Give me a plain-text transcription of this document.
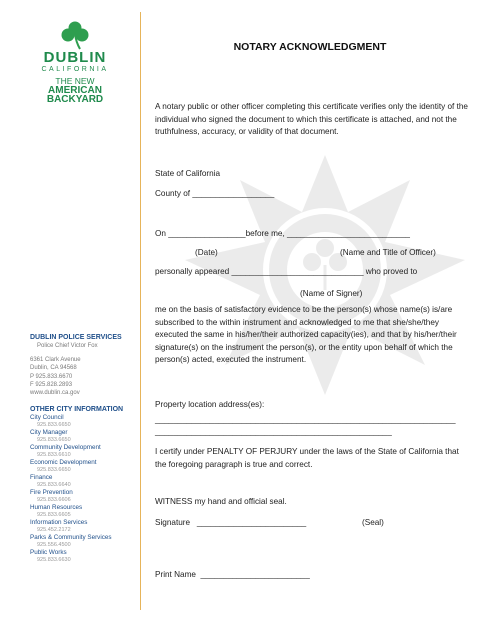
DUBLIN
CALIFORNIA
THE NEW
AMERICAN
BACKYARD
DUBLIN POLICE SERVICES
Police Chief Victor Fox
6361 Clark Avenue
Dublin, CA 94568
P 925.833.6670
F 925.828.2893
www.dublin.ca.gov
OTHER CITY INFORMATION
City Council
925.833.6650
City Manager
925.833.6650
Community Development
925.833.6610
Economic Development
925.833.6650
Finance
925.833.6640
Fire Prevention
925.833.6606
Human Resources
925.833.6605
Information Services
925.452.2172
Parks & Community Services
925.556.4500
Public Works
925.833.6630
NOTARY ACKNOWLEDGMENT
A notary public or other officer completing this certificate verifies only the identity of the individual who signed the document to which this certificate is attached, and not the truthfulness, accuracy, or validity of that document.
State of California
County of __________________
On _________________before me, ___________________________
(Date)	(Name and Title of Officer)
personally appeared _____________________________ who proved to
(Name of Signer)
me on the basis of satisfactory evidence to be the person(s) whose name(s) is/are subscribed to the within instrument and acknowledged to me that she/she/they executed the same in his/her/their authorized capacity(ies), and that by his/her/their signature(s) on the instrument the person(s), or the entity upon behalf of which the person(s) acted, executed the instrument.
Property location address(es):
__________________________________________________________________
____________________________________________________
I certify under PENALTY OF PERJURY under the laws of the State of California that the foregoing paragraph is true and correct.
WITNESS my hand and official seal.
Signature   ________________________	(Seal)
Print Name  ________________________
